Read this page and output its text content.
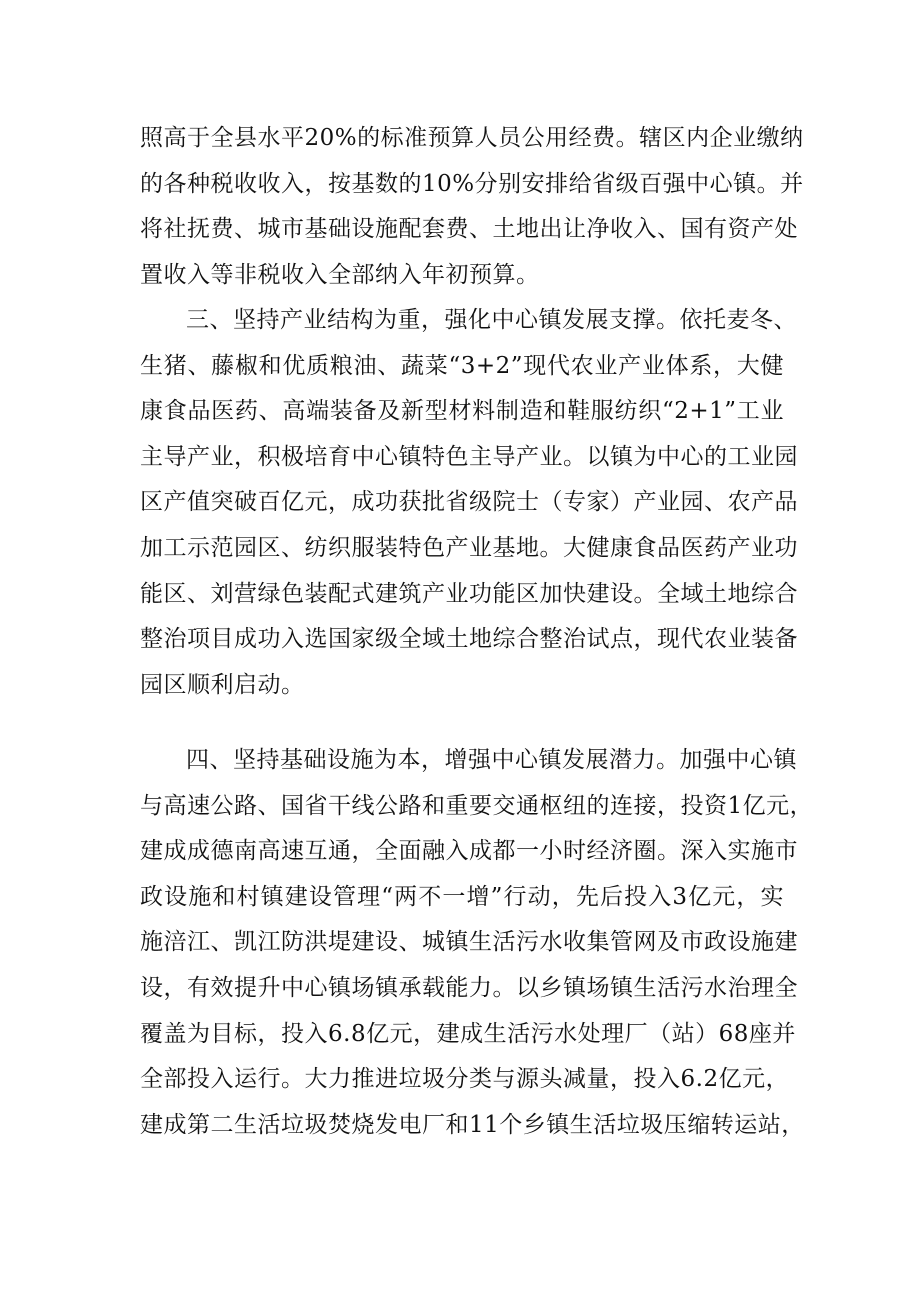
照高于全县水平20%的标准预算人员公用经费。辖区内企业缴纳
的各种税收收入，按基数的10%分别安排给省级百强中心镇。并
将社抚费、城市基础设施配套费、土地出让净收入、国有资产处
置收入等非税收入全部纳入年初预算。
三、坚持产业结构为重，强化中心镇发展支撑。依托麦冬、
生猪、藤椒和优质粮油、蔬菜“3+2”现代农业产业体系，大健
康食品医药、高端装备及新型材料制造和鞋服纺织“2+1”工业
主导产业，积极培育中心镇特色主导产业。以镇为中心的工业园
区产值突破百亿元，成功获批省级院士（专家）产业园、农产品
加工示范园区、纺织服装特色产业基地。大健康食品医药产业功
能区、刘营绿色装配式建筑产业功能区加快建设。全域土地综合
整治项目成功入选国家级全域土地综合整治试点，现代农业装备
园区顺利启动。
四、坚持基础设施为本，增强中心镇发展潜力。加强中心镇
与高速公路、国省干线公路和重要交通枢纽的连接，投资1亿元，
建成成德南高速互通，全面融入成都一小时经济圈。深入实施市
政设施和村镇建设管理“两不一增”行动，先后投入3亿元，实
施涪江、凯江防洪堤建设、城镇生活污水收集管网及市政设施建
设，有效提升中心镇场镇承载能力。以乡镇场镇生活污水治理全
覆盖为目标，投入6.8亿元，建成生活污水处理厂（站）68座并
全部投入运行。大力推进垃圾分类与源头减量，投入6.2亿元，
建成第二生活垃圾焚烧发电厂和11个乡镇生活垃圾压缩转运站，
